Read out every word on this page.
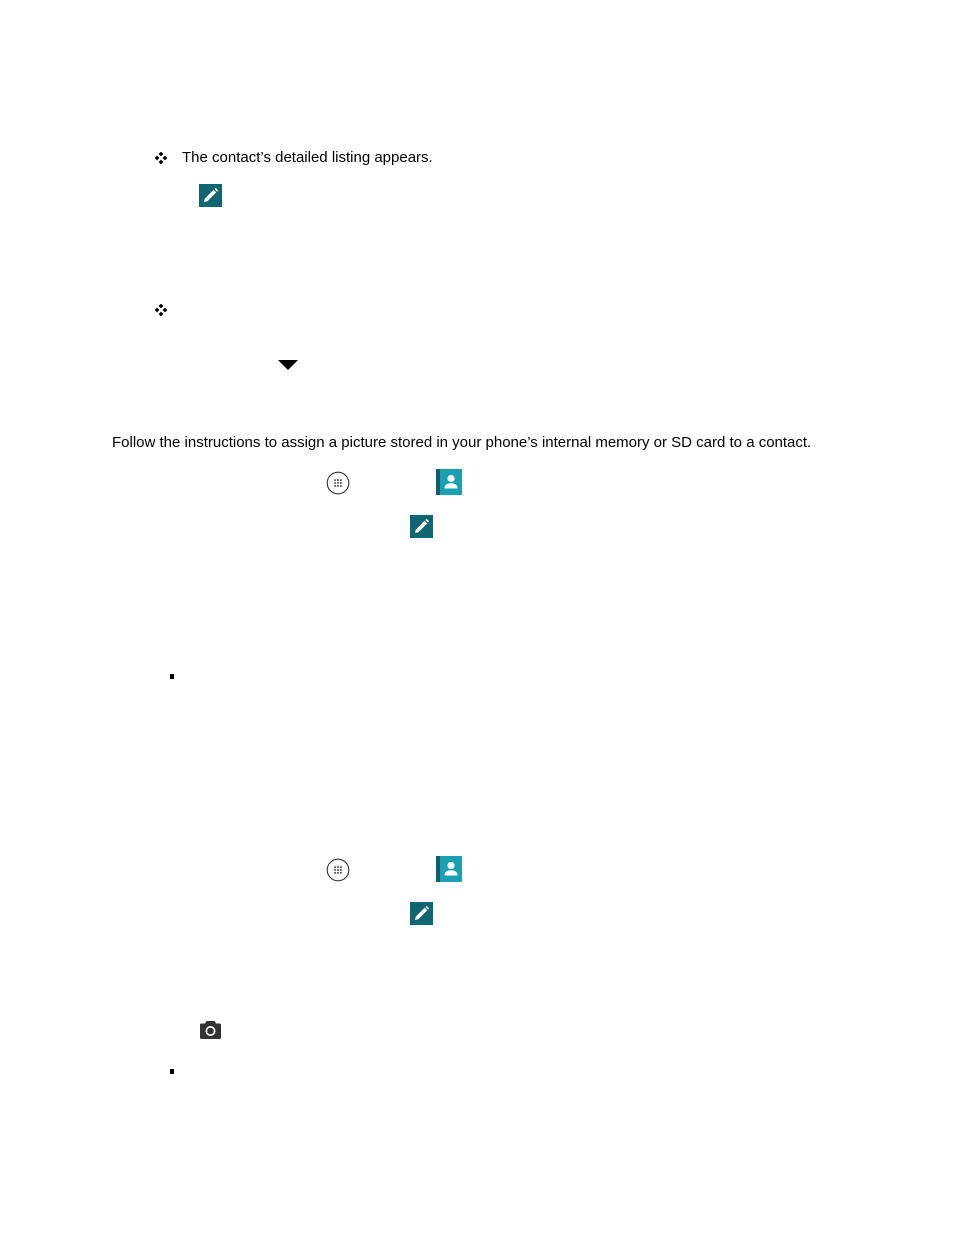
The contact’s detailed listing appears.
Follow the instructions to assign a picture stored in your phone’s internal memory or SD card to a contact.
